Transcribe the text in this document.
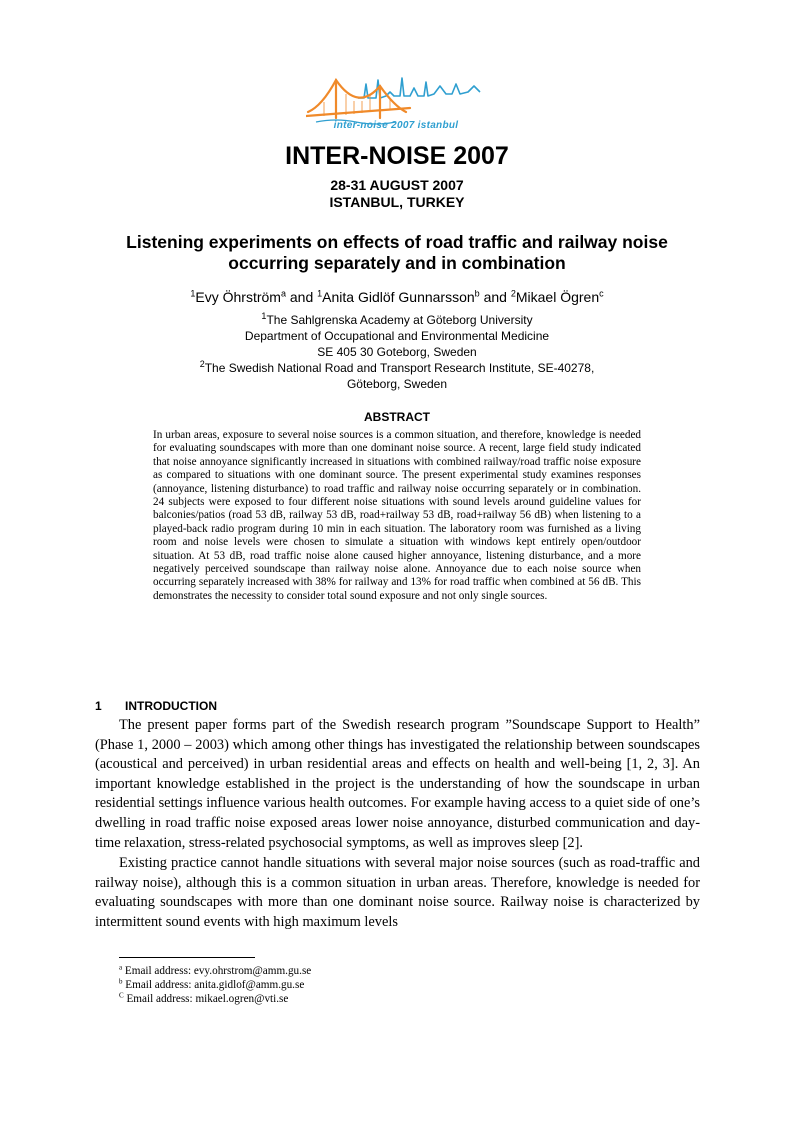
inter-noise 2007 istanbul
INTER-NOISE 2007
28-31 AUGUST 2007
ISTANBUL, TURKEY
Listening experiments on effects of road traffic and railway noise
occurring separately and in combination
$^1$Evy Öhrström$^a$ and $^1$Anita Gidlöf Gunnarsson$^b$ and $^2$Mikael Ögren$^c$
$^1$The Sahlgrenska Academy at Göteborg University
Department of Occupational and Environmental Medicine
SE 405 30 Goteborg, Sweden
$^2$The Swedish National Road and Transport Research Institute, SE-40278,
Göteborg, Sweden
ABSTRACT
In urban areas, exposure to several noise sources is a common situation, and therefore, knowledge is needed for evaluating soundscapes with more than one dominant noise source. A recent, large field study indicated that noise annoyance significantly increased in situations with combined railway/road traffic noise exposure as compared to situations with one dominant source. The present experimental study examines responses (annoyance, listening disturbance) to road traffic and railway noise occurring separately or in combination. 24 subjects were exposed to four different noise situations with sound levels around guideline values for balconies/patios (road 53 dB, railway 53 dB, road+railway 53 dB, road+railway 56 dB) when listening to a played-back radio program during 10 min in each situation. The laboratory room was furnished as a living room and noise levels were chosen to simulate a situation with windows kept entirely open/outdoor situation. At 53 dB, road traffic noise alone caused higher annoyance, listening disturbance, and a more negatively perceived soundscape than railway noise alone. Annoyance due to each noise source when occurring separately increased with 38% for railway and 13% for road traffic when combined at 56 dB. This demonstrates the necessity to consider total sound exposure and not only single sources.
1 INTRODUCTION

The present paper forms part of the Swedish research program ”Soundscape Support to Health” (Phase 1, 2000 – 2003) which among other things has investigated the relationship between soundscapes (acoustical and perceived) in urban residential areas and effects on health and well-being [1, 2, 3]. An important knowledge established in the project is the understanding of how the soundscape in urban residential settings influence various health outcomes. For example having access to a quiet side of one’s dwelling in road traffic noise exposed areas lower noise annoyance, disturbed communication and day-time relaxation, stress-related psychosocial symptoms, as well as improves sleep [2].

Existing practice cannot handle situations with several major noise sources (such as road-traffic and railway noise), although this is a common situation in urban areas. Therefore, knowledge is needed for evaluating soundscapes with more than one dominant noise source. Railway noise is characterized by intermittent sound events with high maximum levels

$^a$ Email address: evy.ohrstrom@amm.gu.se
$^b$ Email address: anita.gidlof@amm.gu.se
$^C$ Email address: mikael.ogren@vti.se
